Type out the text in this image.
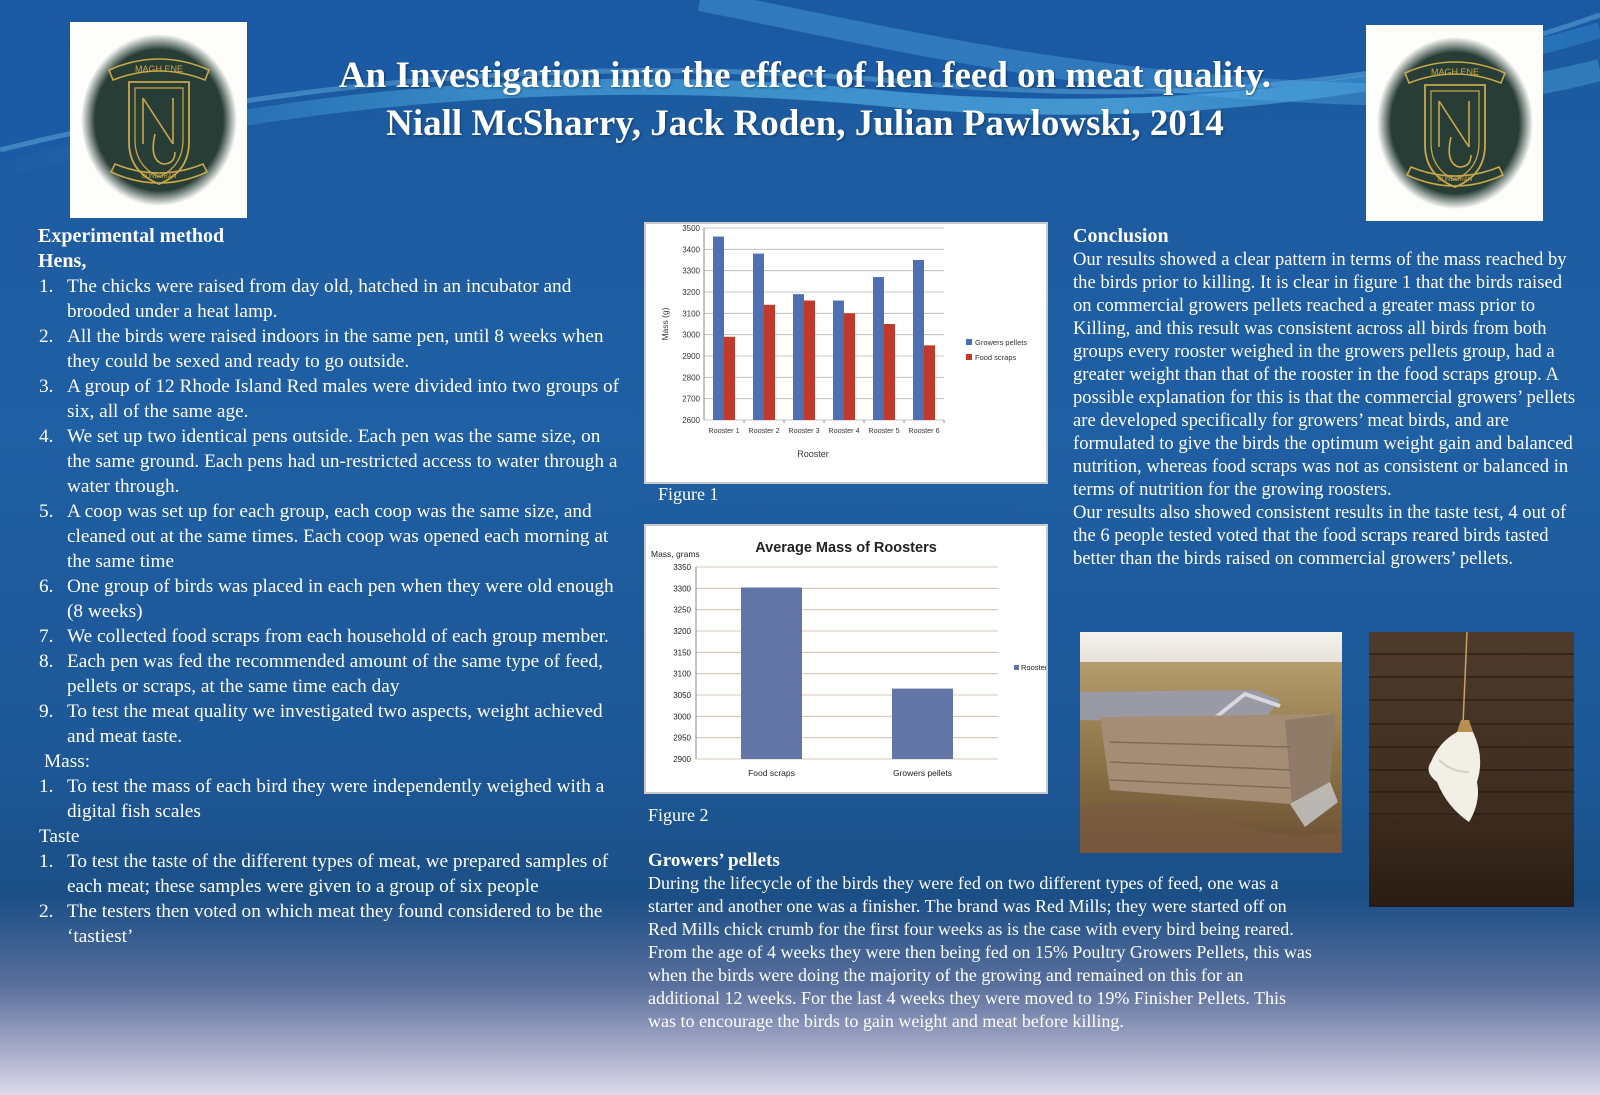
MAGH ENE
BUNDORAN
MAGH ENE
BUNDORAN
An Investigation into the effect of hen feed on meat quality.
Niall McSharry, Jack Roden, Julian Pawlowski, 2014
Experimental method
Hens,
1. The chicks were raised from day old, hatched in an incubator and brooded under a heat lamp.
2. All the birds were raised indoors in the same pen, until 8 weeks when they could be sexed and ready to go outside.
3. A group of 12 Rhode Island Red males were divided into two groups of six, all of the same age.
4. We set up two identical pens outside. Each pen was the same size, on the same ground. Each pens had un-restricted access to water through a water through.
5. A coop was set up for each group, each coop was the same size, and cleaned out at the same times. Each coop was opened each morning at the same time
6. One group of birds was placed in each pen when they were old enough (8 weeks)
7. We collected food scraps from each household of each group member.
8. Each pen was fed the recommended amount of the same type of feed, pellets or scraps, at the same time each day
9. To test the meat quality we investigated two aspects, weight achieved and meat taste.
Mass:
1. To test the mass of each bird they were independently weighed with a digital fish scales
Taste
1. To test the taste of the different types of meat, we prepared samples of each meat; these samples were given to a group of six people
2. The testers then voted on which meat they found considered to be the ‘tastiest’
2600
2700
2800
2900
3000
3100
3200
3300
3400
3500
Rooster 1 Rooster 2 Rooster 3 Rooster 4 Rooster 5 Rooster 6
Rooster
Mass (g)
Growers pellets
Food scraps
Figure 1
Average Mass of Roosters
Mass, grams
2900
2950
3000
3050
3100
3150
3200
3250
3300
3350
Food scraps	Growers pellets
Rooster
Figure 2
Conclusion
Our results showed a clear pattern in terms of the mass reached by the birds prior to killing. It is clear in figure 1 that the birds raised on commercial growers pellets reached a greater mass prior to Killing, and this result was consistent across all birds from both groups every rooster weighed in the growers pellets group, had a greater weight than that of the rooster in the food scraps group. A possible explanation for this is that the commercial growers’ pellets are developed specifically for growers’ meat birds, and are formulated to give the birds the optimum weight gain and balanced nutrition, whereas food scraps was not as consistent or balanced in terms of nutrition for the growing roosters.
Our results also showed consistent results in the taste test, 4 out of the 6 people tested voted that the food scraps reared birds tasted better than the birds raised on commercial growers’ pellets.
Growers’ pellets
During the lifecycle of the birds they were fed on two different types of feed, one was a starter and another one was a finisher. The brand was Red Mills; they were started off on Red Mills chick crumb for the first four weeks as is the case with every bird being reared. From the age of 4 weeks they were then being fed on 15% Poultry Growers Pellets, this was when the birds were doing the majority of the growing and remained on this for an additional 12 weeks. For the last 4 weeks they were moved to 19% Finisher Pellets. This was to encourage the birds to gain weight and meat before killing.
